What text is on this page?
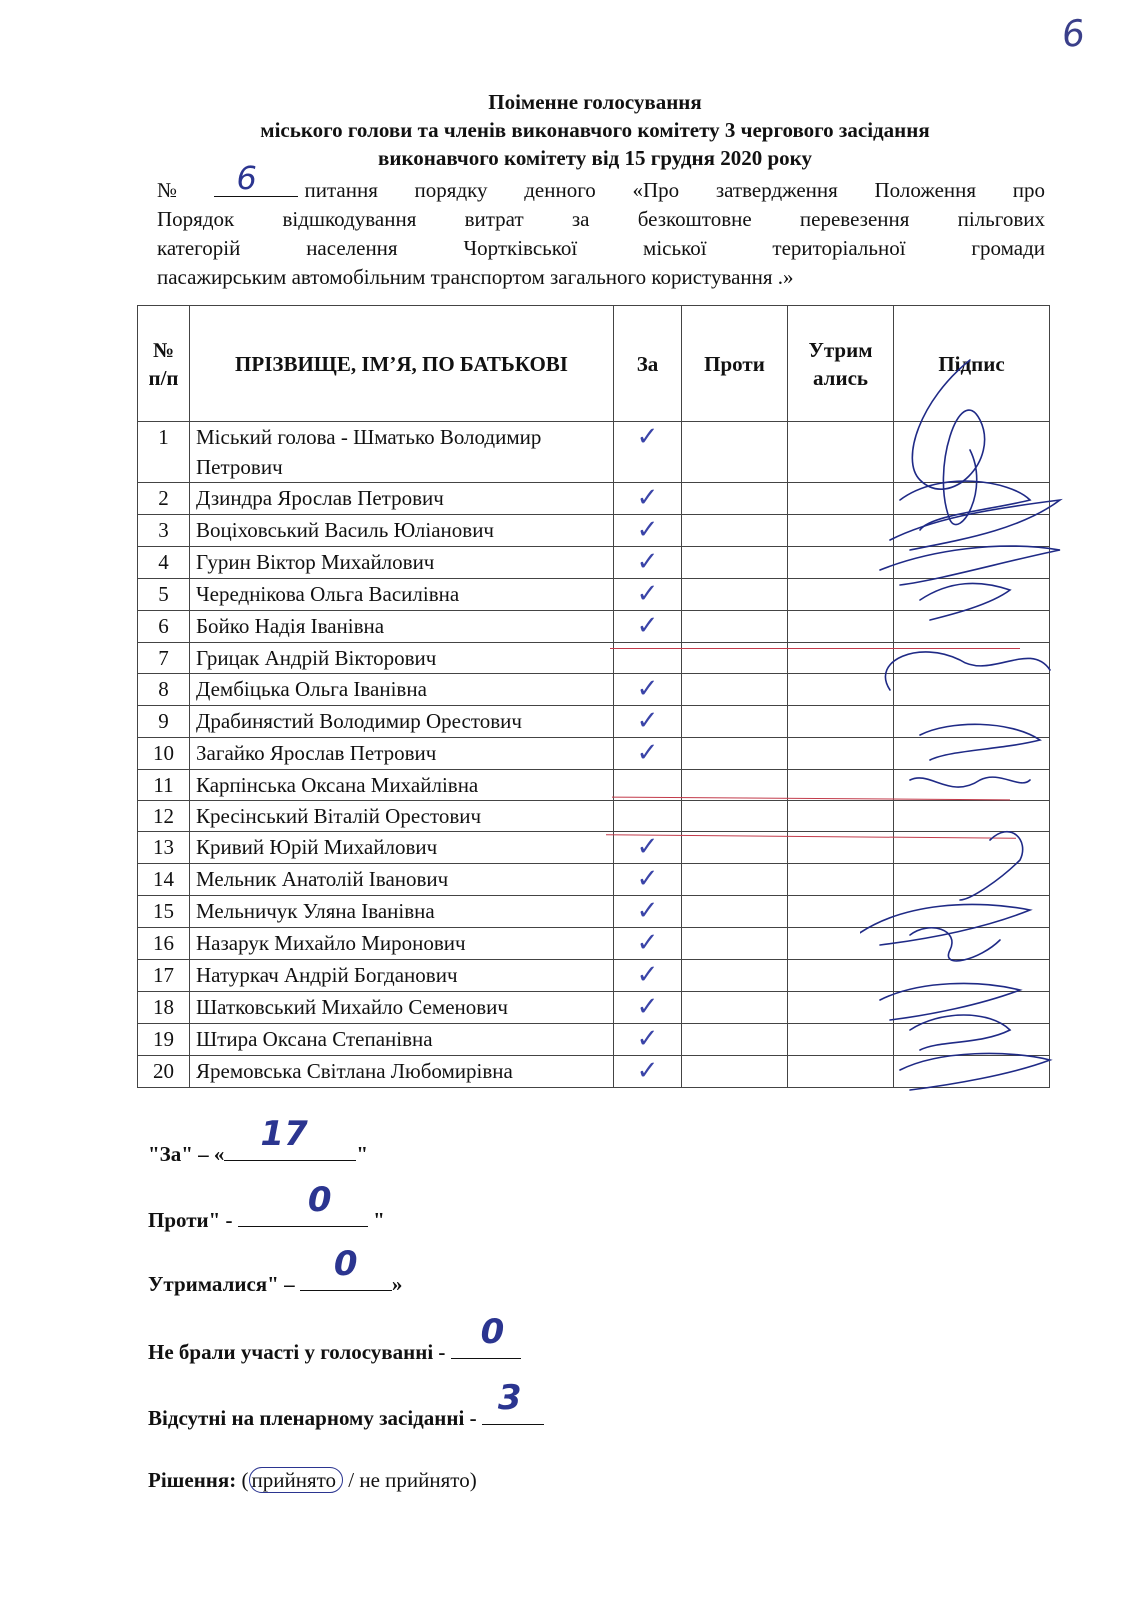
6
Поіменне голосування
міського голови та членів виконавчого комітету 3 чергового засідання
виконавчого комітету від 15 грудня 2020 року
№ 6 питання порядку денного «Про затвердження Положення про
Порядок відшкодування витрат за безкоштовне перевезення пільгових
категорій населення Чортківської міської територіальної громади
пасажирським автомобільним транспортом загального користування .»
№ п/п	ПРІЗВИЩЕ, ІМ’Я, ПО БАТЬКОВІ	За	Проти	Утрим ались	Підпис
1	Міський голова - Шматько Володимир Петрович	✓			
2	Дзиндра Ярослав Петрович	✓			
3	Воціховський Василь Юліанович	✓			
4	Гурин Віктор Михайлович	✓			
5	Череднікова Ольга Василівна	✓			
6	Бойко Надія Іванівна	✓			
7	Грицак Андрій Вікторович				
8	Дембіцька Ольга Іванівна	✓			
9	Драбинястий Володимир Орестович	✓			
10	Загайко Ярослав Петрович	✓			
11	Карпінська Оксана Михайлівна				
12	Кресінський Віталій Орестович				
13	Кривий Юрій Михайлович	✓			
14	Мельник Анатолій Іванович	✓			
15	Мельничук Уляна Іванівна	✓			
16	Назарук Михайло Миронович	✓			
17	Натуркач Андрій Богданович	✓			
18	Шатковський Михайло Семенович	✓			
19	Штира Оксана Степанівна	✓			
20	Яремовська Світлана Любомирівна	✓			
"За" – « 17 "
Проти" - 0 "
Утрималися" – 0 »
Не брали участі у голосуванні - 0
Відсутні на пленарному засіданні - 3
Рішення: ( прийнято / не прийнято)
